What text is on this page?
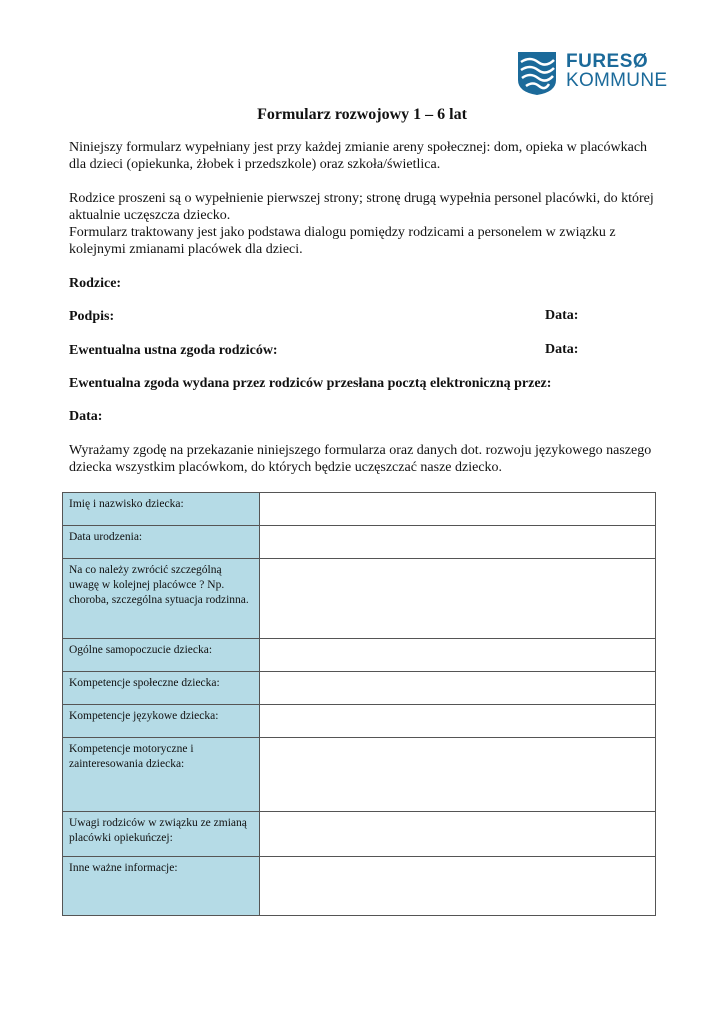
FURESØ
KOMMUNE
Formularz rozwojowy 1 – 6 lat
Niniejszy formularz wypełniany jest przy każdej zmianie areny społecznej: dom, opieka w placówkach dla dzieci (opiekunka, żłobek i przedszkole) oraz szkoła/świetlica.
Rodzice proszeni są o wypełnienie pierwszej strony; stronę drugą wypełnia personel placówki, do której aktualnie uczęszcza dziecko.
Formularz traktowany jest jako podstawa dialogu pomiędzy rodzicami a personelem w związku z kolejnymi zmianami placówek dla dzieci.
Rodzice:
Podpis:	Data:
Ewentualna ustna zgoda rodziców:	Data:
Ewentualna zgoda wydana przez rodziców przesłana pocztą elektroniczną przez:
Data:
Wyrażamy zgodę na przekazanie niniejszego formularza oraz danych dot. rozwoju językowego naszego dziecka wszystkim placówkom, do których będzie uczęszczać nasze dziecko.
Imię i nazwisko dziecka:	
Data urodzenia:	
Na co należy zwrócić szczególną uwagę w kolejnej placówce ? Np. choroba, szczególna sytuacja rodzinna.	
Ogólne samopoczucie dziecka:	
Kompetencje społeczne dziecka:	
Kompetencje językowe dziecka:	
Kompetencje motoryczne i zainteresowania dziecka:	
Uwagi rodziców w związku ze zmianą placówki opiekuńczej:	
Inne ważne informacje:	
